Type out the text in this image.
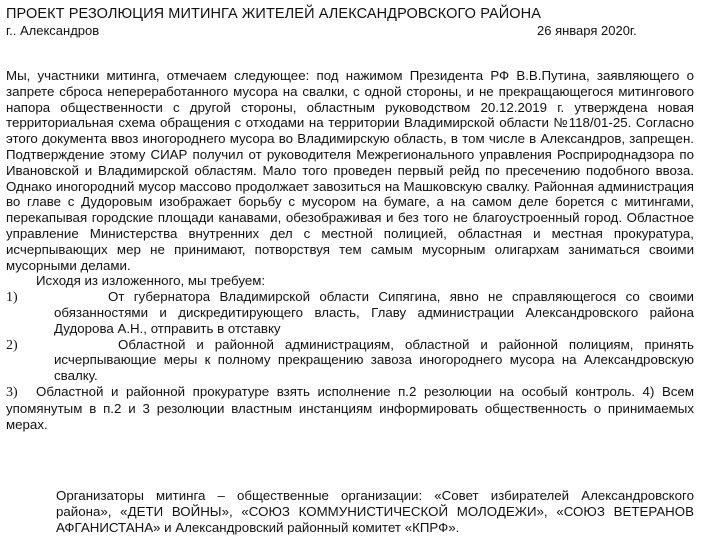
ПРОЕКТ РЕЗОЛЮЦИЯ МИТИНГА ЖИТЕЛЕЙ АЛЕКСАНДРОВСКОГО РАЙОНА
г.. Александров	26 января 2020г.

Мы, участники митинга, отмечаем следующее: под нажимом Президента РФ В.В.Путина, заявляющего о запрете сброса непереработанного мусора на свалки, с одной стороны, и не прекращающегося митингового напора общественности с другой стороны, областным руководством 20.12.2019 г. утверждена новая территориальная схема обращения с отходами на территории Владимирской области №118/01-25. Согласно этого документа ввоз иногороднего мусора во Владимирскую область, в том числе в Александров, запрещен. Подтверждение этому СИАР получил от руководителя Межрегионального управления Росприроднадзора по Ивановской и Владимирской областям. Мало того проведен первый рейд по пресечению подобного ввоза. Однако иногородний мусор массово продолжает завозиться на Машковскую свалку. Районная администрация во главе с Дудоровым изображает борьбу с мусором на бумаге, а на самом деле борется с митингами, перекапывая городские площади канавами, обезображивая и без того не благоустроенный город. Областное управление Министерства внутренних дел с местной полицией, областная и местная прокуратура, исчерпывающих мер не принимают, потворствуя тем самым мусорным олигархам заниматься своими мусорными делами.

Исходя из изложенного, мы требуем:

1)	От губернатора Владимирской области Сипягина, явно не справляющегося со своими обязанностями и дискредитирующего власть, Главу администрации Александровского района Дудорова А.Н., отправить в отставку
2)	Областной и районной администрациям, областной и районной полициям, принять исчерпывающие меры к полному прекращению завоза иногороднего мусора на Александровскую свалку.

3) Областной и районной прокуратуре взять исполнение п.2 резолюции на особый контроль. 4) Всем упомянутым в п.2 и 3 резолюции властным инстанциям информировать общественность о принимаемых мерах.

Организаторы митинга – общественные организации: «Совет избирателей Александровского района», «ДЕТИ ВОЙНЫ», «СОЮЗ КОММУНИСТИЧЕСКОЙ МОЛОДЕЖИ», «СОЮЗ ВЕТЕРАНОВ АФГАНИСТАНА» и Александровский районный комитет «КПРФ».
